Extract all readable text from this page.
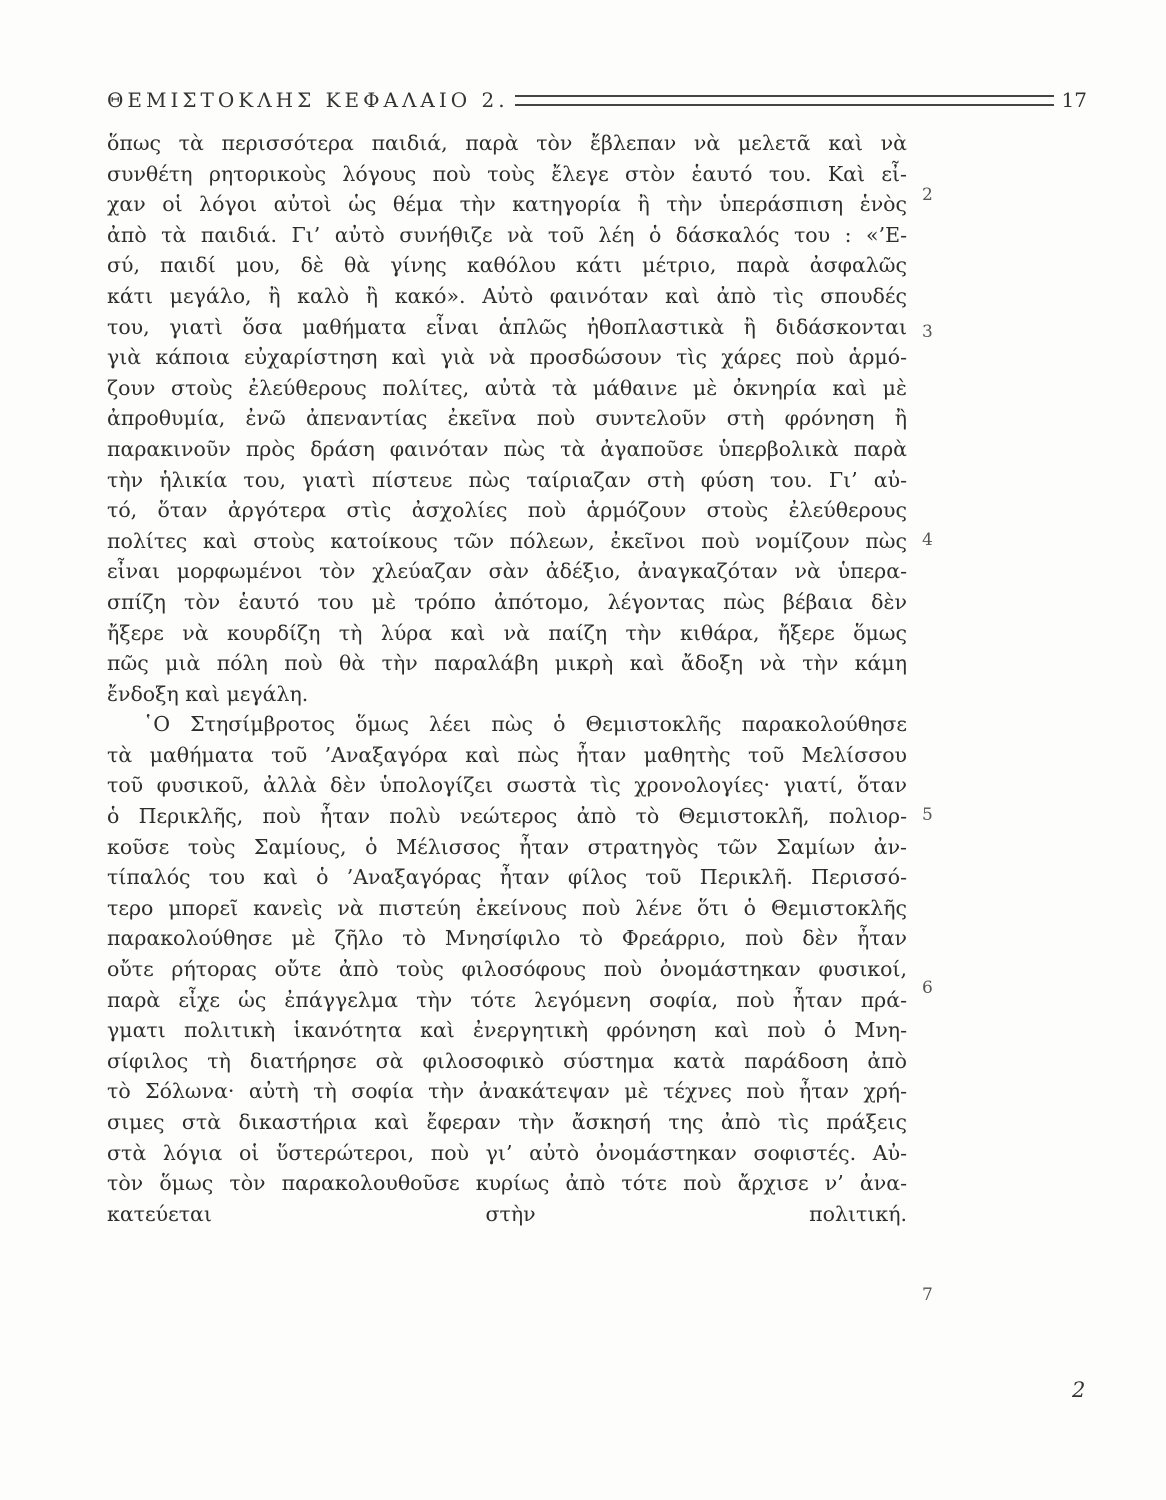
ΘΕΜΙΣΤΟΚΛΗΣ ΚΕΦΑΛΑΙΟ 2.	17
ὅπως τὰ περισσότερα παιδιά, παρὰ τὸν ἔβλεπαν νὰ μελετᾶ καὶ νὰ
συνθέτη ρητορικοὺς λόγους ποὺ τοὺς ἔλεγε στὸν ἑαυτό του. Καὶ εἶ-
χαν οἱ λόγοι αὐτοὶ ὡς θέμα τὴν κατηγορία ἢ τὴν ὑπεράσπιση ἑνὸς
ἀπὸ τὰ παιδιά. Γι’ αὐτὸ συνήθιζε νὰ τοῦ λέη ὁ δάσκαλός του : «’Ε-
σύ, παιδί μου, δὲ θὰ γίνης καθόλου κάτι μέτριο, παρὰ ἀσφαλῶς
κάτι μεγάλο, ἢ καλὸ ἢ κακό». Αὐτὸ φαινόταν καὶ ἀπὸ τὶς σπουδές
του, γιατὶ ὅσα μαθήματα εἶναι ἁπλῶς ἠθοπλαστικὰ ἢ διδάσκονται
γιὰ κάποια εὐχαρίστηση καὶ γιὰ νὰ προσδώσουν τὶς χάρες ποὺ ἁρμό-
ζουν στοὺς ἐλεύθερους πολίτες, αὐτὰ τὰ μάθαινε μὲ ὀκνηρία καὶ μὲ
ἀπροθυμία, ἐνῶ ἀπεναντίας ἐκεῖνα ποὺ συντελοῦν στὴ φρόνηση ἢ
παρακινοῦν πρὸς δράση φαινόταν πὼς τὰ ἀγαποῦσε ὑπερβολικὰ παρὰ
τὴν ἡλικία του, γιατὶ πίστευε πὼς ταίριαζαν στὴ φύση του. Γι’ αὐ-
τό, ὅταν ἀργότερα στὶς ἀσχολίες ποὺ ἁρμόζουν στοὺς ἐλεύθερους
πολίτες καὶ στοὺς κατοίκους τῶν πόλεων, ἐκεῖνοι ποὺ νομίζουν πὼς
εἶναι μορφωμένοι τὸν χλεύαζαν σὰν ἀδέξιο, ἀναγκαζόταν νὰ ὑπερα-
σπίζη τὸν ἑαυτό του μὲ τρόπο ἀπότομο, λέγοντας πὼς βέβαια δὲν
ἤξερε νὰ κουρδίζη τὴ λύρα καὶ νὰ παίζη τὴν κιθάρα, ἤξερε ὅμως
πῶς μιὰ πόλη ποὺ θὰ τὴν παραλάβη μικρὴ καὶ ἄδοξη νὰ τὴν κάμη
ἔνδοξη καὶ μεγάλη.
῾Ο Στησίμβροτος ὅμως λέει πὼς ὁ Θεμιστοκλῆς παρακολούθησε
τὰ μαθήματα τοῦ ’Αναξαγόρα καὶ πὼς ἦταν μαθητὴς τοῦ Μελίσσου
τοῦ φυσικοῦ, ἀλλὰ δὲν ὑπολογίζει σωστὰ τὶς χρονολογίες· γιατί, ὅταν
ὁ Περικλῆς, ποὺ ἦταν πολὺ νεώτερος ἀπὸ τὸ Θεμιστοκλῆ, πολιορ-
κοῦσε τοὺς Σαμίους, ὁ Μέλισσος ἦταν στρατηγὸς τῶν Σαμίων ἀν-
τίπαλός του καὶ ὁ ’Αναξαγόρας ἦταν φίλος τοῦ Περικλῆ. Περισσό-
τερο μπορεῖ κανεὶς νὰ πιστεύη ἐκείνους ποὺ λένε ὅτι ὁ Θεμιστοκλῆς
παρακολούθησε μὲ ζῆλο τὸ Μνησίφιλο τὸ Φρεάρριο, ποὺ δὲν ἦταν
οὔτε ρήτορας οὔτε ἀπὸ τοὺς φιλοσόφους ποὺ ὀνομάστηκαν φυσικοί,
παρὰ εἶχε ὡς ἐπάγγελμα τὴν τότε λεγόμενη σοφία, ποὺ ἦταν πρά-
γματι πολιτικὴ ἱκανότητα καὶ ἐνεργητικὴ φρόνηση καὶ ποὺ ὁ Μνη-
σίφιλος τὴ διατήρησε σὰ φιλοσοφικὸ σύστημα κατὰ παράδοση ἀπὸ
τὸ Σόλωνα· αὐτὴ τὴ σοφία τὴν ἀνακάτεψαν μὲ τέχνες ποὺ ἦταν χρή-
σιμες στὰ δικαστήρια καὶ ἔφεραν τὴν ἄσκησή της ἀπὸ τὶς πράξεις
στὰ λόγια οἱ ὕστερώτεροι, ποὺ γι’ αὐτὸ ὀνομάστηκαν σοφιστές. Αὐ-
τὸν ὅμως τὸν παρακολουθοῦσε κυρίως ἀπὸ τότε ποὺ ἄρχισε ν’ ἀνα-
κατεύεται στὴν πολιτική.
2
3
4
5
6
7
2
